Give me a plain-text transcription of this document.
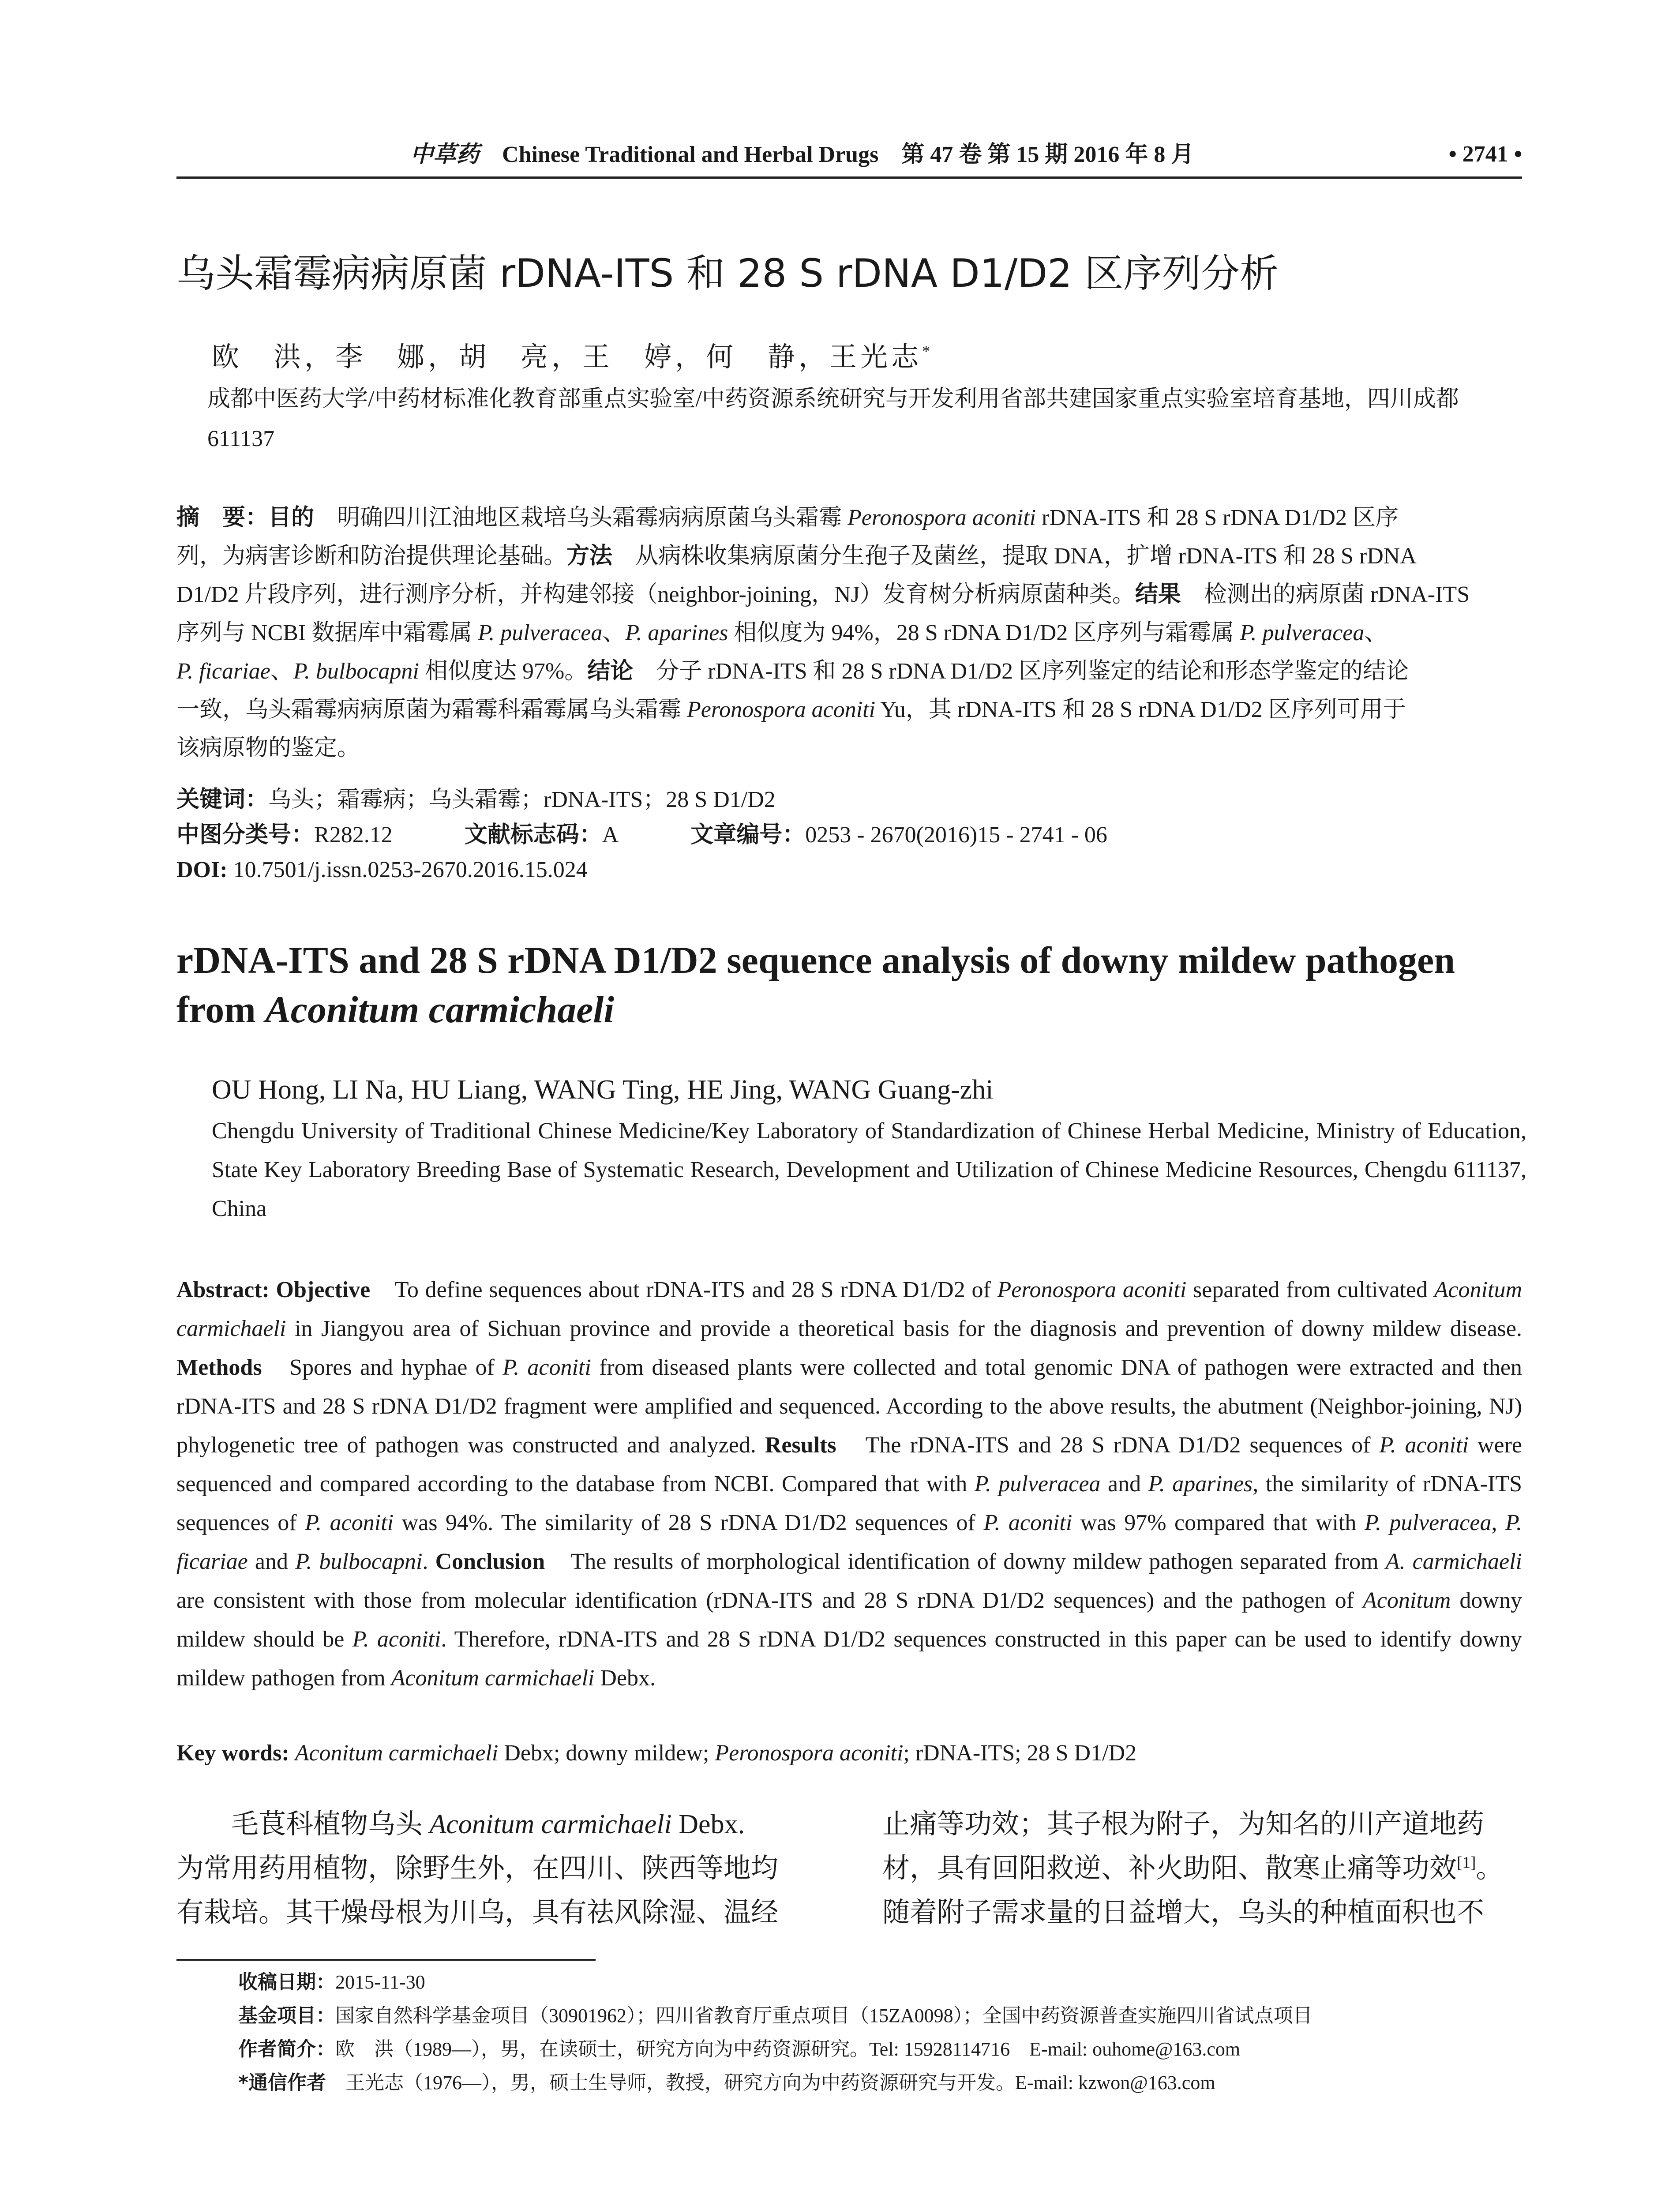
中草药 Chinese Traditional and Herbal Drugs 第 47 卷 第 15 期 2016 年 8 月	• 2741 •
乌头霜霉病病原菌 rDNA-ITS 和 28 S rDNA D1/D2 区序列分析
欧　洪，李　娜，胡　亮，王　婷，何　静，王光志*
成都中医药大学/中药材标准化教育部重点实验室/中药资源系统研究与开发利用省部共建国家重点实验室培育基地，四川成都　611137
摘　要：目的　明确四川江油地区栽培乌头霜霉病病原菌乌头霜霉 Peronospora aconiti rDNA-ITS 和 28 S rDNA D1/D2 区序
列，为病害诊断和防治提供理论基础。方法　从病株收集病原菌分生孢子及菌丝，提取 DNA，扩增 rDNA-ITS 和 28 S rDNA
D1/D2 片段序列，进行测序分析，并构建邻接（neighbor-joining，NJ）发育树分析病原菌种类。结果　检测出的病原菌 rDNA-ITS
序列与 NCBI 数据库中霜霉属 P. pulveracea、P. aparines 相似度为 94%，28 S rDNA D1/D2 区序列与霜霉属 P. pulveracea、
P. ficariae、P. bulbocapni 相似度达 97%。结论　分子 rDNA-ITS 和 28 S rDNA D1/D2 区序列鉴定的结论和形态学鉴定的结论
一致，乌头霜霉病病原菌为霜霉科霜霉属乌头霜霉 Peronospora aconiti Yu，其 rDNA-ITS 和 28 S rDNA D1/D2 区序列可用于
该病原物的鉴定。
关键词：乌头；霜霉病；乌头霜霉；rDNA-ITS；28 S D1/D2
中图分类号：R282.12	文献标志码：A	文章编号：0253 - 2670(2016)15 - 2741 - 06
DOI: 10.7501/j.issn.0253-2670.2016.15.024
rDNA-ITS and 28 S rDNA D1/D2 sequence analysis of downy mildew pathogen
from Aconitum carmichaeli
OU Hong, LI Na, HU Liang, WANG Ting, HE Jing, WANG Guang-zhi
Chengdu University of Traditional Chinese Medicine/Key Laboratory of Standardization of Chinese Herbal Medicine, Ministry of Education, State Key Laboratory Breeding Base of Systematic Research, Development and Utilization of Chinese Medicine Resources, Chengdu 611137, China
Abstract: Objective　To define sequences about rDNA-ITS and 28 S rDNA D1/D2 of Peronospora aconiti separated from cultivated Aconitum carmichaeli in Jiangyou area of Sichuan province and provide a theoretical basis for the diagnosis and prevention of downy mildew disease. Methods　Spores and hyphae of P. aconiti from diseased plants were collected and total genomic DNA of pathogen were extracted and then rDNA-ITS and 28 S rDNA D1/D2 fragment were amplified and sequenced. According to the above results, the abutment (Neighbor-joining, NJ) phylogenetic tree of pathogen was constructed and analyzed. Results　The rDNA-ITS and 28 S rDNA D1/D2 sequences of P. aconiti were sequenced and compared according to the database from NCBI. Compared that with P. pulveracea and P. aparines, the similarity of rDNA-ITS sequences of P. aconiti was 94%. The similarity of 28 S rDNA D1/D2 sequences of P. aconiti was 97% compared that with P. pulveracea, P. ficariae and P. bulbocapni. Conclusion　The results of morphological identification of downy mildew pathogen separated from A. carmichaeli are consistent with those from molecular identification (rDNA-ITS and 28 S rDNA D1/D2 sequences) and the pathogen of Aconitum downy mildew should be P. aconiti. Therefore, rDNA-ITS and 28 S rDNA D1/D2 sequences constructed in this paper can be used to identify downy mildew pathogen from Aconitum carmichaeli Debx.
Key words: Aconitum carmichaeli Debx; downy mildew; Peronospora aconiti; rDNA-ITS; 28 S D1/D2
毛茛科植物乌头 Aconitum carmichaeli Debx.
为常用药用植物，除野生外，在四川、陕西等地均
有栽培。其干燥母根为川乌，具有祛风除湿、温经
止痛等功效；其子根为附子，为知名的川产道地药
材，具有回阳救逆、补火助阳、散寒止痛等功效[1]。
随着附子需求量的日益增大，乌头的种植面积也不
收稿日期：2015-11-30
基金项目：国家自然科学基金项目（30901962）；四川省教育厅重点项目（15ZA0098）；全国中药资源普查实施四川省试点项目
作者简介：欧　洪（1989—），男，在读硕士，研究方向为中药资源研究。Tel: 15928114716　E-mail: ouhome@163.com
*通信作者　王光志（1976—），男，硕士生导师，教授，研究方向为中药资源研究与开发。E-mail: kzwon@163.com
